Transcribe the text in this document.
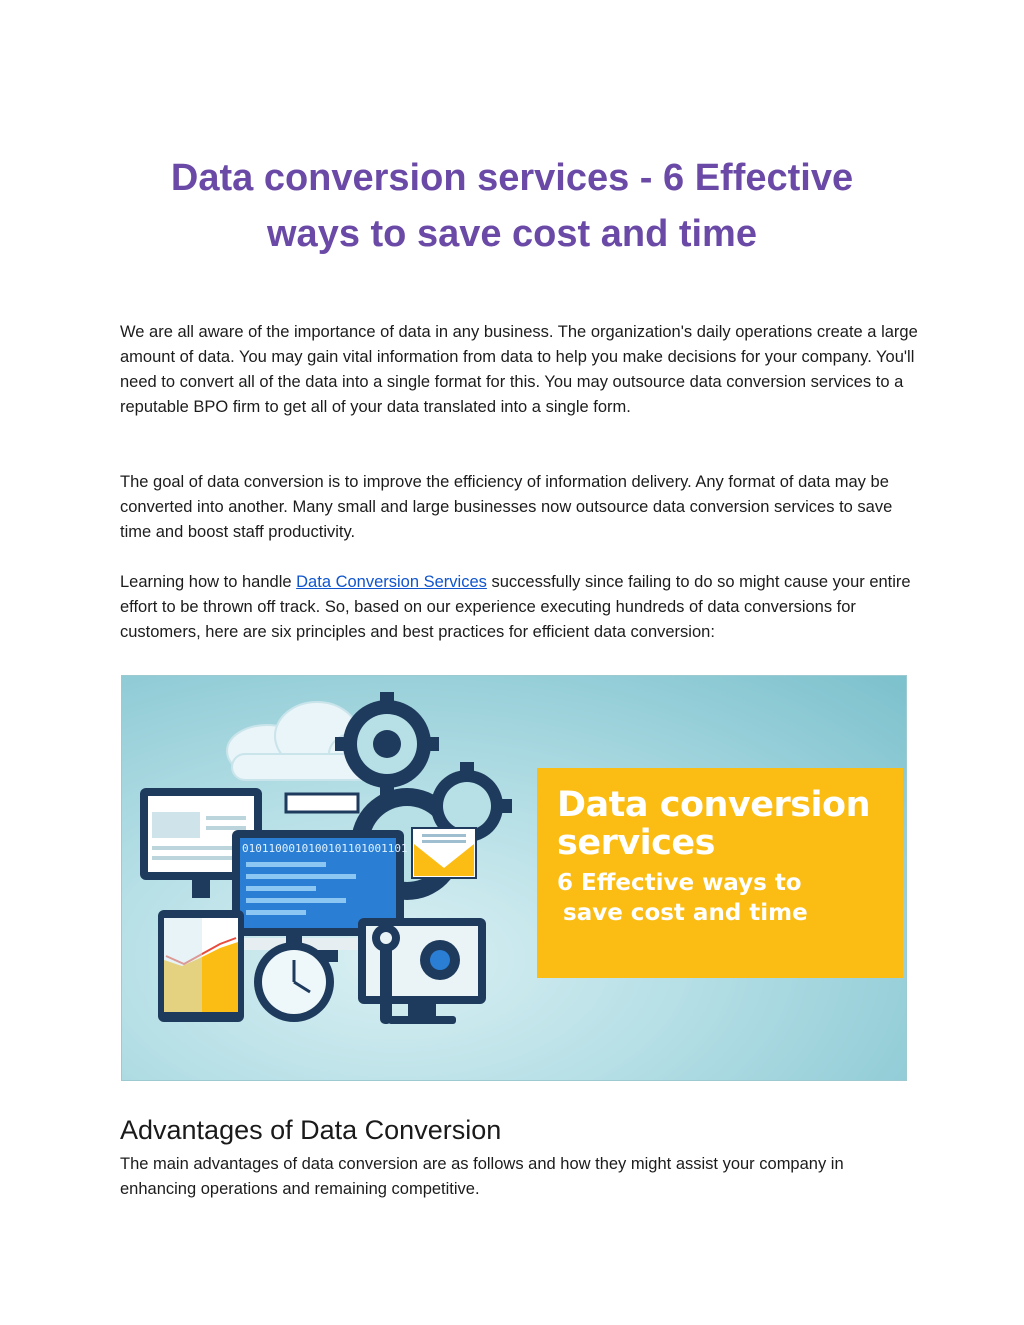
Data conversion services - 6 Effective
ways to save cost and time

We are all aware of the importance of data in any business. The organization's daily operations create a large amount of data. You may gain vital information from data to help you make decisions for your company. You'll need to convert all of the data into a single format for this. You may outsource data conversion services to a reputable BPO firm to get all of your data translated into a single form.

The goal of data conversion is to improve the efficiency of information delivery. Any format of data may be converted into another. Many small and large businesses now outsource data conversion services to save time and boost staff productivity.

Learning how to handle Data Conversion Services successfully since failing to do so might cause your entire effort to be thrown off track. So, based on our experience executing hundreds of data conversions for customers, here are six principles and best practices for efficient data conversion:

0101100010100101101001101
Data conversion
services
6 Effective ways to
save cost and time
Advantages of Data Conversion

The main advantages of data conversion are as follows and how they might assist your company in enhancing operations and remaining competitive.
